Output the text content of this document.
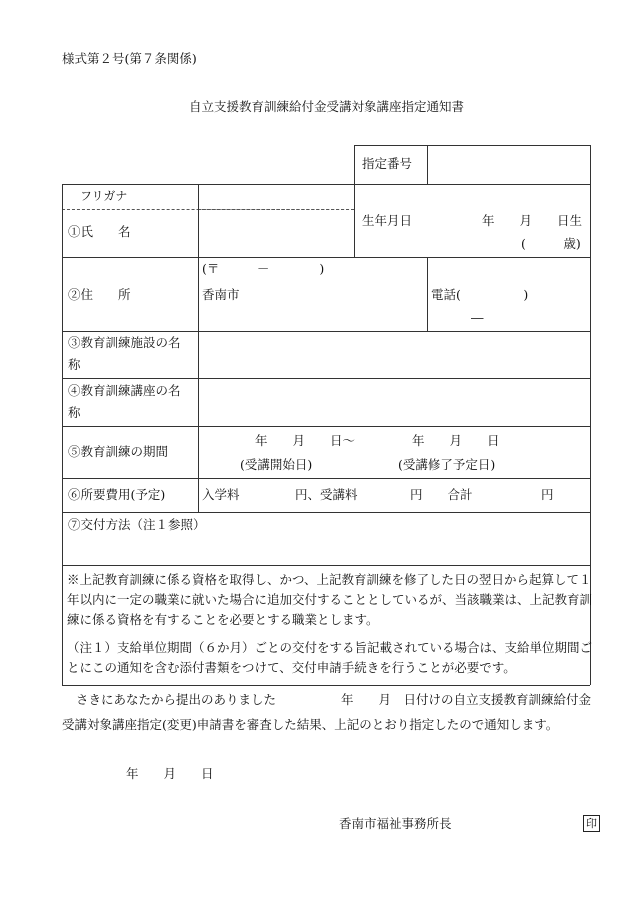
様式第２号(第７条関係)
自立支援教育訓練給付金受講対象講座指定通知書
指定番号
フリガナ
①氏　　名
生年月日	年　　月　　日生
(　　　歳)
②住　　所
(〒　　　－　　　　)
香南市	電話(　　　　　)
―
③教育訓練施設の名
称
④教育訓練講座の名
称
⑤教育訓練の期間
年　　月　　日～	年　　月　　日
(受講開始日)	(受講修了予定日)
⑥所要費用(予定)	入学料	円、受講料	円　　合計	円
⑦交付方法（注１参照）
※上記教育訓練に係る資格を取得し、かつ、上記教育訓練を修了した日の翌日から起算して１
年以内に一定の職業に就いた場合に追加交付することとしているが、当該職業は、上記教育訓
練に係る資格を有することを必要とする職業とします。
（注１）支給単位期間（６か月）ごとの交付をする旨記載されている場合は、支給単位期間ご
とにこの通知を含む添付書類をつけて、交付申請手続きを行うことが必要です。
さきにあなたから提出のありました	年　　月　日付けの自立支援教育訓練給付金
受講対象講座指定(変更)申請書を審査した結果、上記のとおり指定したので通知します。
年　　月　　日
香南市福祉事務所長	印
